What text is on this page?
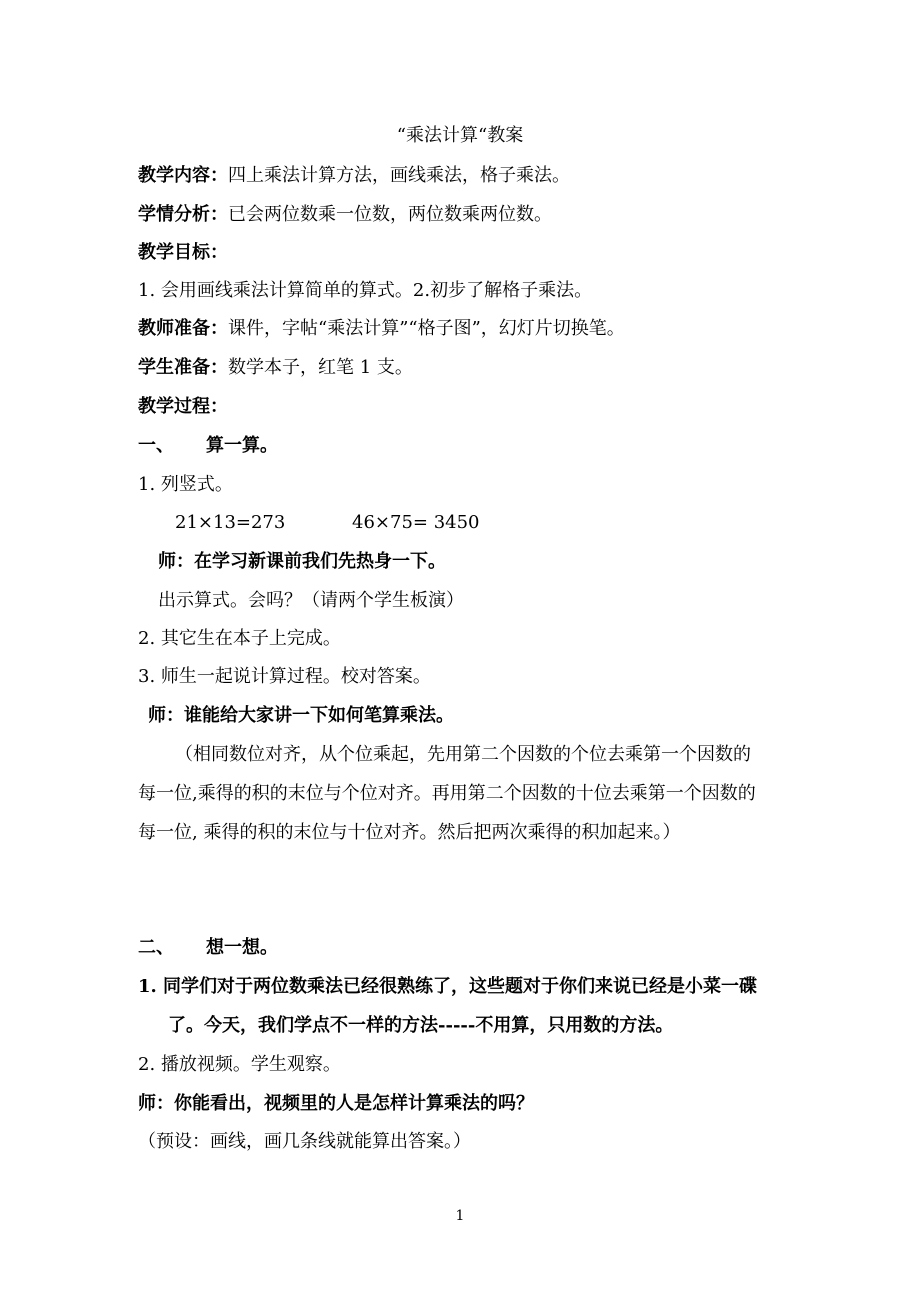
“乘法计算“教案
教学内容：四上乘法计算方法，画线乘法，格子乘法。
学情分析：已会两位数乘一位数，两位数乘两位数。
教学目标：
1. 会用画线乘法计算简单的算式。2.初步了解格子乘法。
教师准备：课件，字帖“乘法计算”“格子图”，幻灯片切换笔。
学生准备：数学本子，红笔 1 支。
教学过程：
一、 算一算。
1. 列竖式。
21×13=273	46×75= 3450
师：在学习新课前我们先热身一下。
出示算式。会吗？（请两个学生板演）
2. 其它生在本子上完成。
3. 师生一起说计算过程。校对答案。
师：谁能给大家讲一下如何笔算乘法。
（相同数位对齐，从个位乘起，先用第二个因数的个位去乘第一个因数的
每一位,乘得的积的末位与个位对齐。再用第二个因数的十位去乘第一个因数的
每一位, 乘得的积的末位与十位对齐。然后把两次乘得的积加起来。）
二、 想一想。
1. 同学们对于两位数乘法已经很熟练了，这些题对于你们来说已经是小菜一碟
了。今天，我们学点不一样的方法-----不用算，只用数的方法。
2. 播放视频。学生观察。
师：你能看出，视频里的人是怎样计算乘法的吗？
（预设：画线，画几条线就能算出答案。）
1
